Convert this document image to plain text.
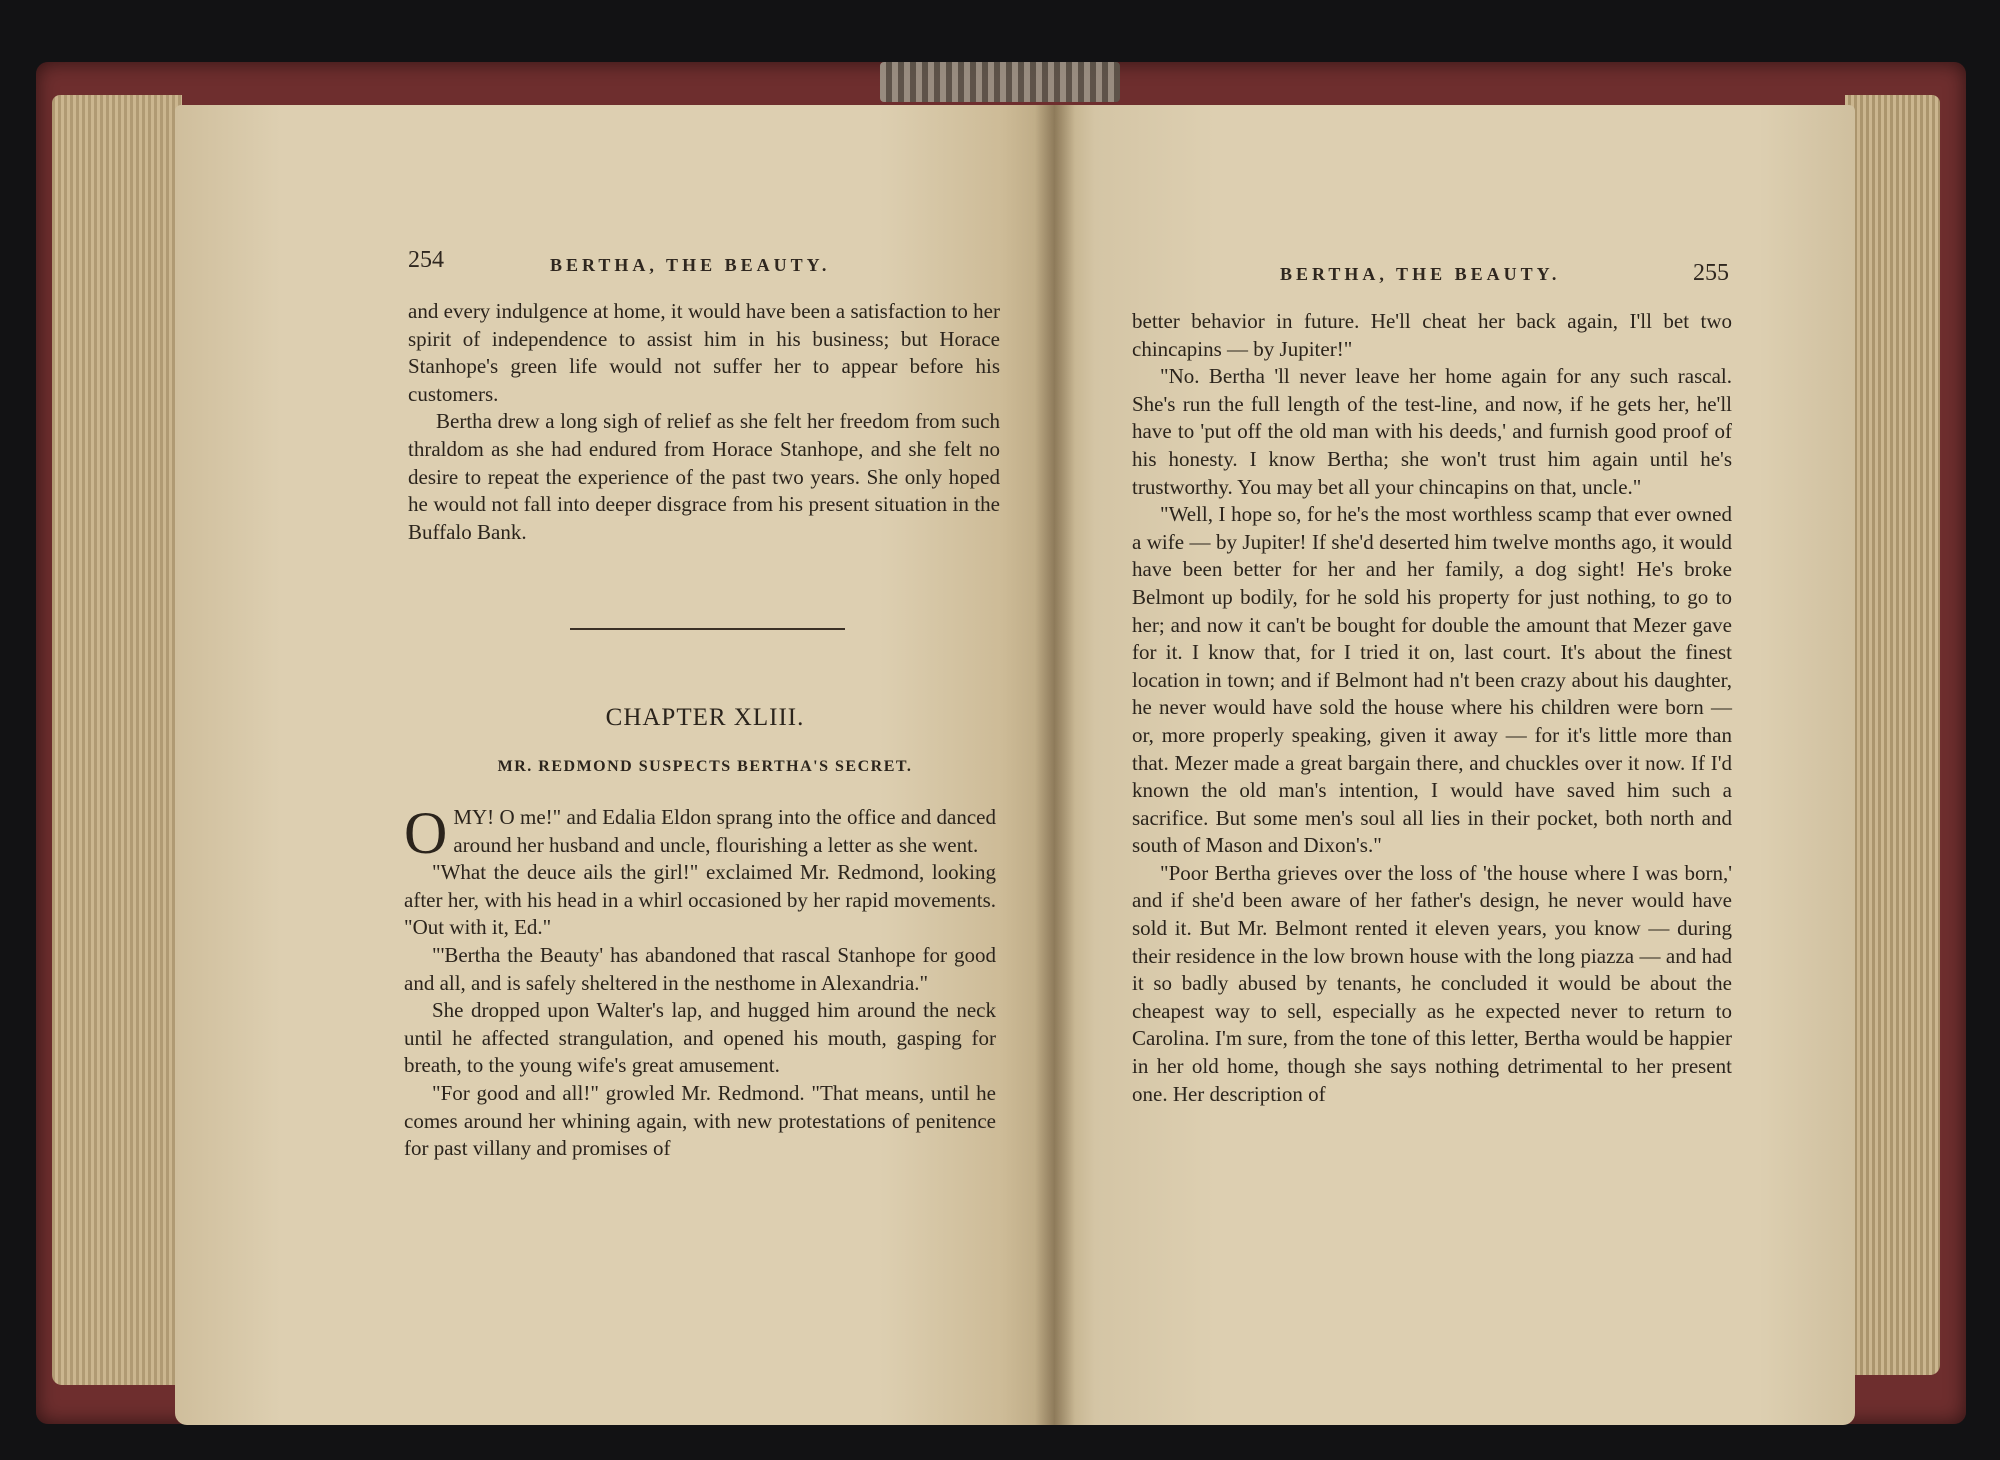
254	BERTHA, THE BEAUTY.

and every indulgence at home, it would have been a satisfaction to her spirit of independence to assist him in his business; but Horace Stanhope's green life would not suffer her to appear before his customers.

Bertha drew a long sigh of relief as she felt her freedom from such thraldom as she had endured from Horace Stanhope, and she felt no desire to repeat the experience of the past two years. She only hoped he would not fall into deeper disgrace from his present situation in the Buffalo Bank.

CHAPTER XLIII.
MR. REDMOND SUSPECTS BERTHA'S SECRET.

OMY! O me!" and Edalia Eldon sprang into the office and danced around her husband and uncle, flourishing a letter as she went.

"What the deuce ails the girl!" exclaimed Mr. Redmond, looking after her, with his head in a whirl occasioned by her rapid movements. "Out with it, Ed."

"'Bertha the Beauty' has abandoned that rascal Stanhope for good and all, and is safely sheltered in the nesthome in Alexandria."

She dropped upon Walter's lap, and hugged him around the neck until he affected strangulation, and opened his mouth, gasping for breath, to the young wife's great amusement.

"For good and all!" growled Mr. Redmond. "That means, until he comes around her whining again, with new protestations of penitence for past villany and promises of

BERTHA, THE BEAUTY.	255

better behavior in future. He'll cheat her back again, I'll bet two chincapins — by Jupiter!"

"No. Bertha 'll never leave her home again for any such rascal. She's run the full length of the test-line, and now, if he gets her, he'll have to 'put off the old man with his deeds,' and furnish good proof of his honesty. I know Bertha; she won't trust him again until he's trustworthy. You may bet all your chincapins on that, uncle."

"Well, I hope so, for he's the most worthless scamp that ever owned a wife — by Jupiter! If she'd deserted him twelve months ago, it would have been better for her and her family, a dog sight! He's broke Belmont up bodily, for he sold his property for just nothing, to go to her; and now it can't be bought for double the amount that Mezer gave for it. I know that, for I tried it on, last court. It's about the finest location in town; and if Belmont had n't been crazy about his daughter, he never would have sold the house where his children were born — or, more properly speaking, given it away — for it's little more than that. Mezer made a great bargain there, and chuckles over it now. If I'd known the old man's intention, I would have saved him such a sacrifice. But some men's soul all lies in their pocket, both north and south of Mason and Dixon's."

"Poor Bertha grieves over the loss of 'the house where I was born,' and if she'd been aware of her father's design, he never would have sold it. But Mr. Belmont rented it eleven years, you know — during their residence in the low brown house with the long piazza — and had it so badly abused by tenants, he concluded it would be about the cheapest way to sell, especially as he expected never to return to Carolina. I'm sure, from the tone of this letter, Bertha would be happier in her old home, though she says nothing detrimental to her present one. Her description of
